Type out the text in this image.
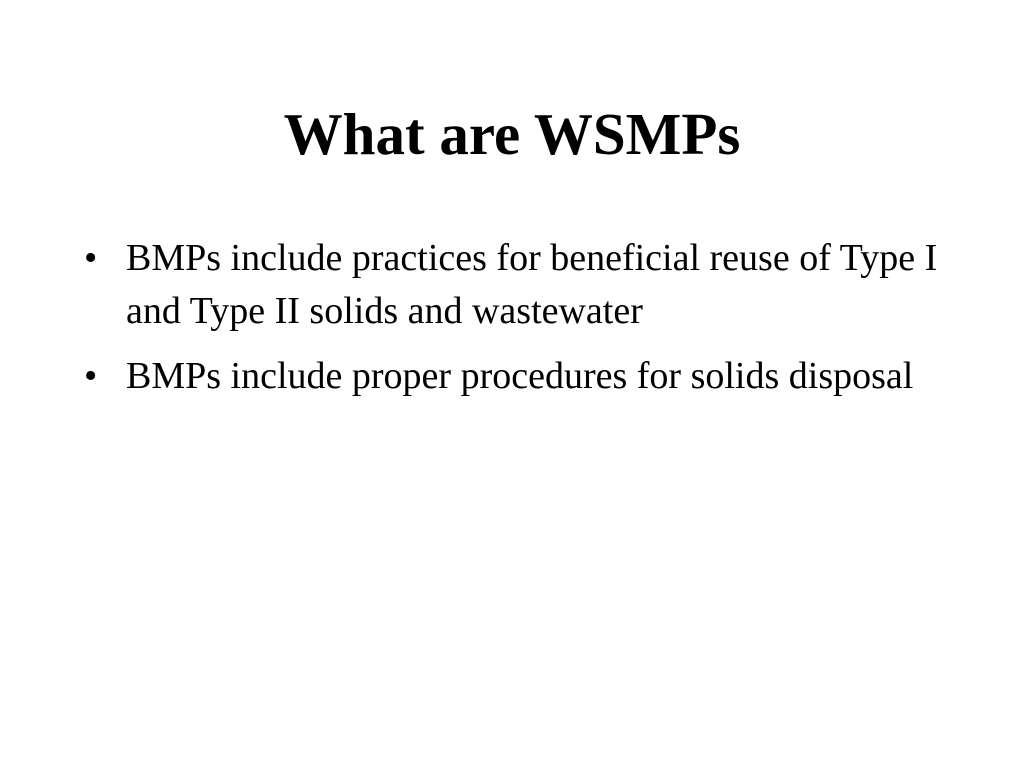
What are WSMPs
• BMPs include practices for beneficial reuse of Type I and Type II solids and wastewater
• BMPs include proper procedures for solids disposal
